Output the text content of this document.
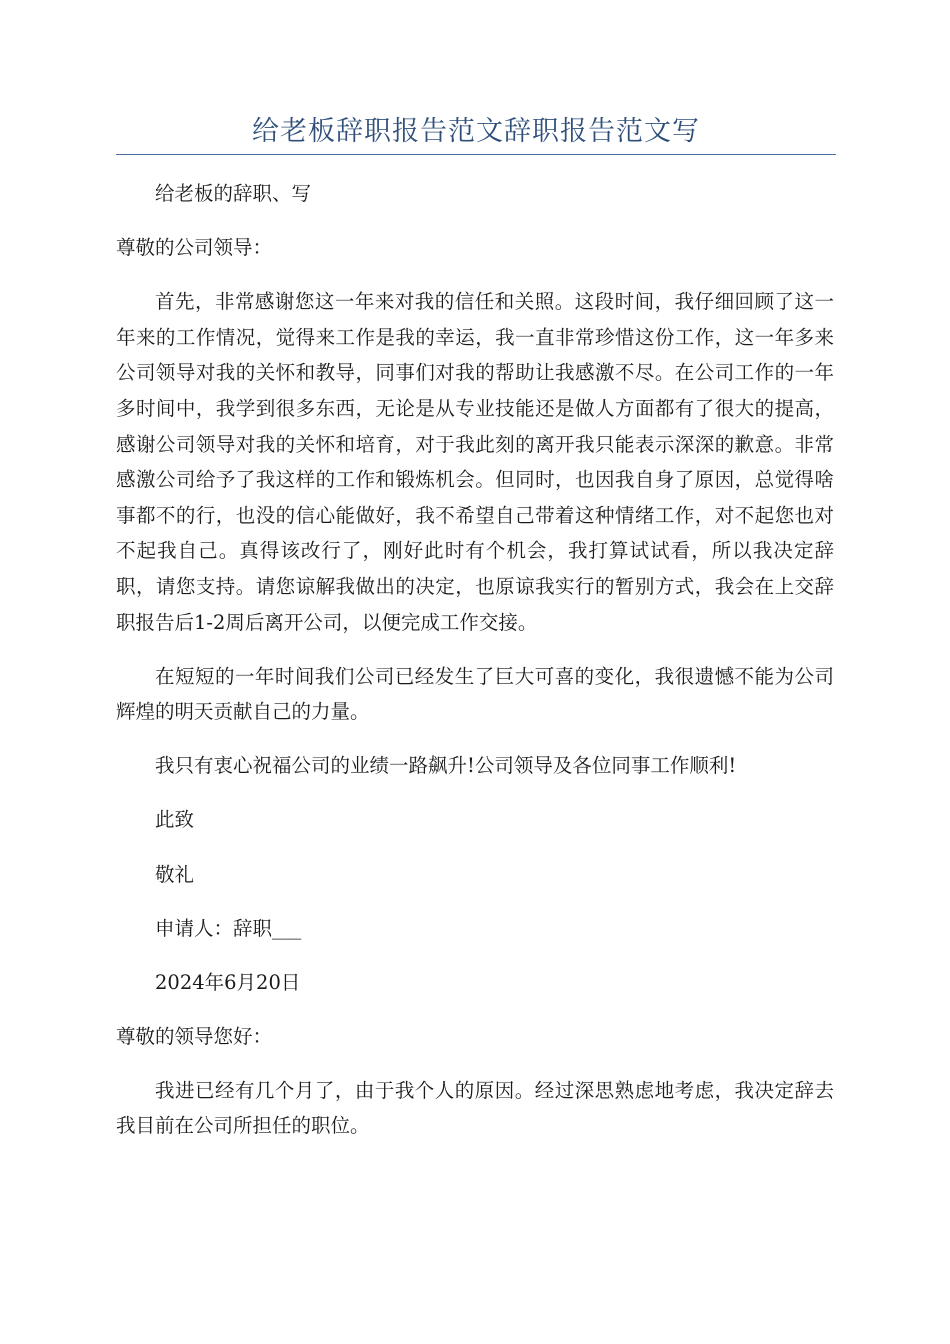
给老板辞职报告范文辞职报告范文写

给老板的辞职、写

尊敬的公司领导：

首先，非常感谢您这一年来对我的信任和关照。这段时间，我仔细回顾了这一年来的工作情况，觉得来工作是我的幸运，我一直非常珍惜这份工作，这一年多来公司领导对我的关怀和教导，同事们对我的帮助让我感激不尽。在公司工作的一年多时间中，我学到很多东西，无论是从专业技能还是做人方面都有了很大的提高，感谢公司领导对我的关怀和培育，对于我此刻的离开我只能表示深深的歉意。非常感激公司给予了我这样的工作和锻炼机会。但同时，也因我自身了原因，总觉得啥事都不的行，也没的信心能做好，我不希望自己带着这种情绪工作，对不起您也对不起我自己。真得该改行了，刚好此时有个机会，我打算试试看，所以我决定辞职，请您支持。请您谅解我做出的决定，也原谅我实行的暂别方式，我会在上交辞职报告后1-2周后离开公司，以便完成工作交接。

在短短的一年时间我们公司已经发生了巨大可喜的变化，我很遗憾不能为公司辉煌的明天贡献自己的力量。

我只有衷心祝福公司的业绩一路飙升!公司领导及各位同事工作顺利!

此致

敬礼

申请人：辞职___

2024年6月20日

尊敬的领导您好：

我进已经有几个月了，由于我个人的原因。经过深思熟虑地考虑，我决定辞去我目前在公司所担任的职位。
